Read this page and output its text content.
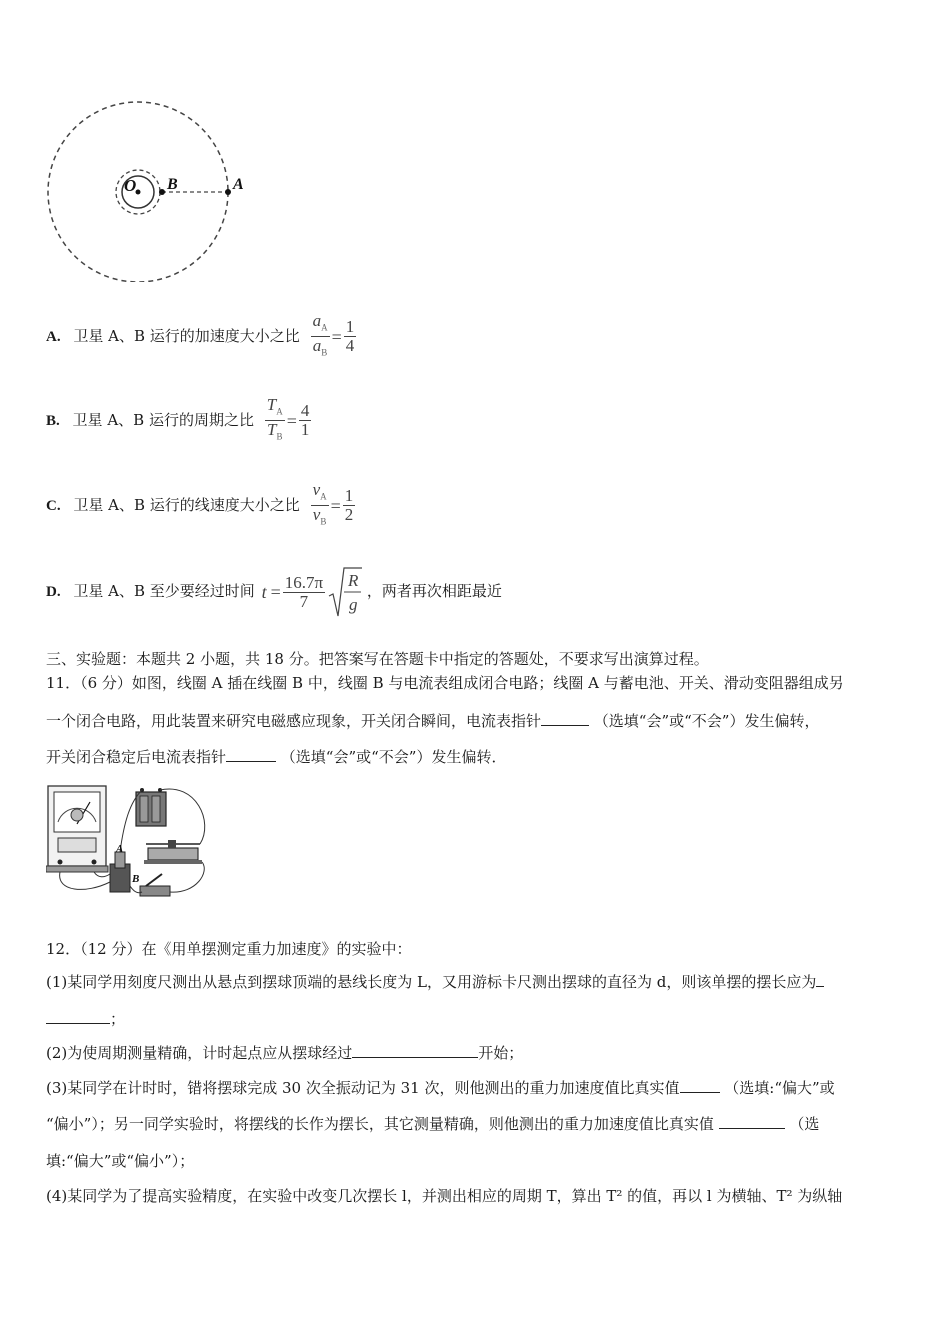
O B	A
A. 卫星 A、B 运行的加速度大小之比 $\frac{a_A}{a_B} = \frac{1}{4}$
B. 卫星 A、B 运行的周期之比 $\frac{T_A}{T_B} = \frac{4}{1}$
C. 卫星 A、B 运行的线速度大小之比 $\frac{v_A}{v_B} = \frac{1}{2}$
D. 卫星 A、B 至少要经过时间 $t = \frac{16.7\pi}{7}$ R
g
，两者再次相距最近
三、实验题：本题共 2 小题，共 18 分。把答案写在答题卡中指定的答题处，不要求写出演算过程。
11．（6 分）如图，线圈 A 插在线圈 B 中，线圈 B 与电流表组成闭合电路；线圈 A 与蓄电池、开关、滑动变阻器组成另
一个闭合电路，用此装置来研究电磁感应现象，开关闭合瞬间，电流表指针	（选填“会”或“不会”）发生偏转，
开关闭合稳定后电流表指针	（选填“会”或“不会”）发生偏转．
A
B
12．（12 分）在《用单摆测定重力加速度》的实验中：
(1)某同学用刻度尺测出从悬点到摆球顶端的悬线长度为 L，又用游标卡尺测出摆球的直径为 d，则该单摆的摆长应为
；
(2)为使周期测量精确，计时起点应从摆球经过	开始；
(3)某同学在计时时，错将摆球完成 30 次全振动记为 31 次，则他测出的重力加速度值比真实值	（选填:“偏大”或
“偏小”）；另一同学实验时，将摆线的长作为摆长，其它测量精确，则他测出的重力加速度值比真实值	（选
填:“偏大”或“偏小”）；
(4)某同学为了提高实验精度，在实验中改变几次摆长 l，并测出相应的周期 T，算出 T² 的值，再以 l 为横轴、T² 为纵轴
